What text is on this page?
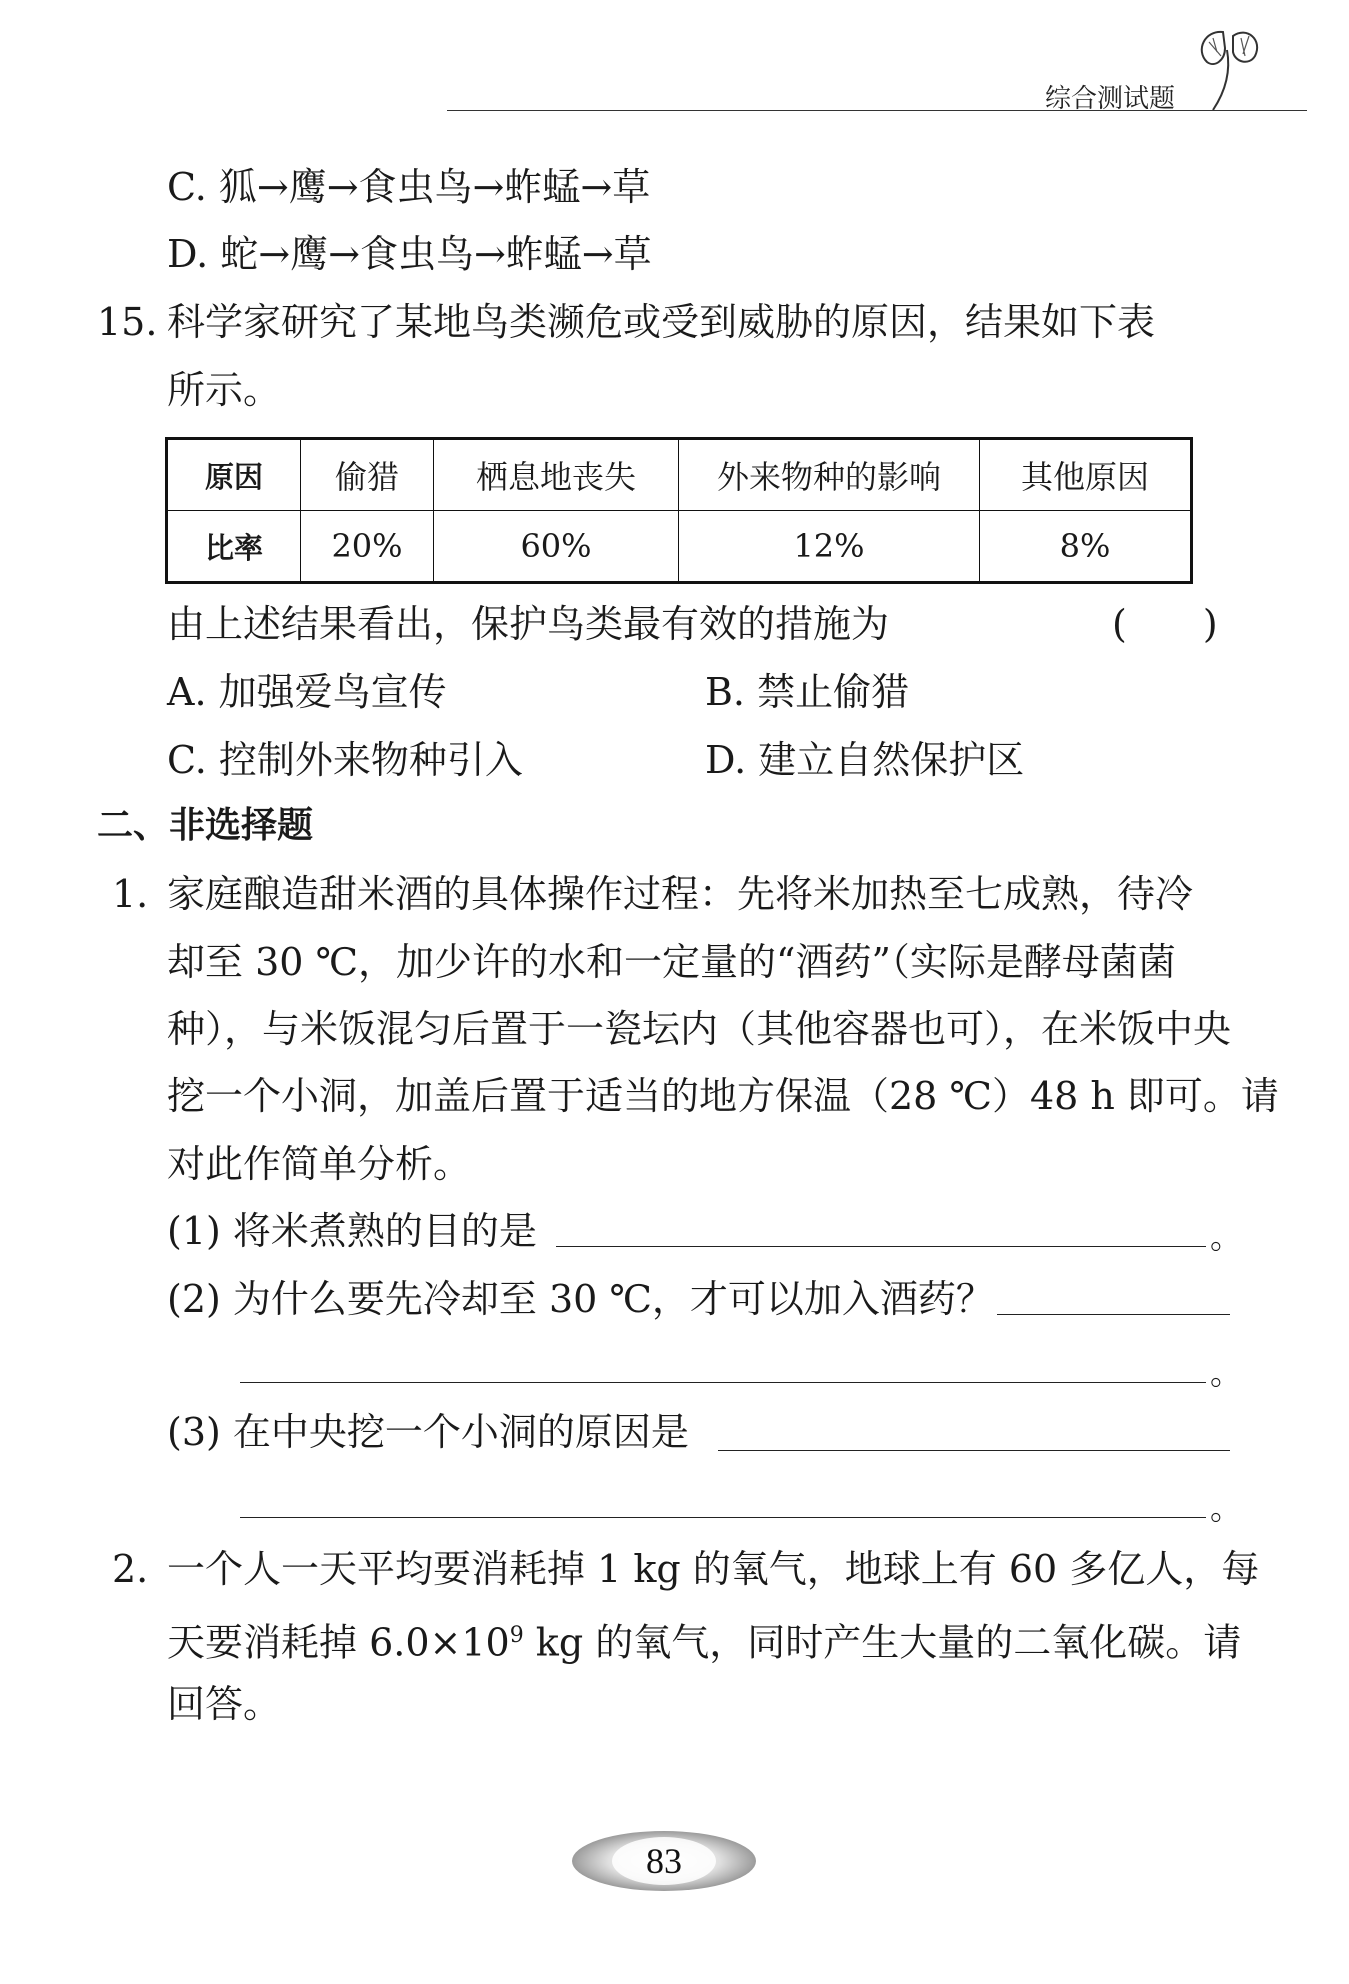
综合测试题
C. 狐→鹰→食虫鸟→蚱蜢→草
D. 蛇→鹰→食虫鸟→蚱蜢→草
15. 科学家研究了某地鸟类濒危或受到威胁的原因，结果如下表
所示。
原因	偷猎	栖息地丧失	外来物种的影响	其他原因
比率	20%	60%	12%	8%
由上述结果看出，保护鸟类最有效的措施为	(　　)
A. 加强爱鸟宣传	B. 禁止偷猎
C. 控制外来物种引入	D. 建立自然保护区
二、非选择题
1. 家庭酿造甜米酒的具体操作过程：先将米加热至七成熟，待冷
却至 30 ℃，加少许的水和一定量的“酒药”（实际是酵母菌菌
种），与米饭混匀后置于一瓷坛内（其他容器也可），在米饭中央
挖一个小洞，加盖后置于适当的地方保温（28 ℃）48 h 即可。请
对此作简单分析。
(1) 将米煮熟的目的是	。
(2) 为什么要先冷却至 30 ℃，才可以加入酒药？
。
(3) 在中央挖一个小洞的原因是
。
2. 一个人一天平均要消耗掉 1 kg 的氧气，地球上有 60 多亿人，每
天要消耗掉 $6.0\times 10^9$ kg 的氧气，同时产生大量的二氧化碳。请
回答。
83
